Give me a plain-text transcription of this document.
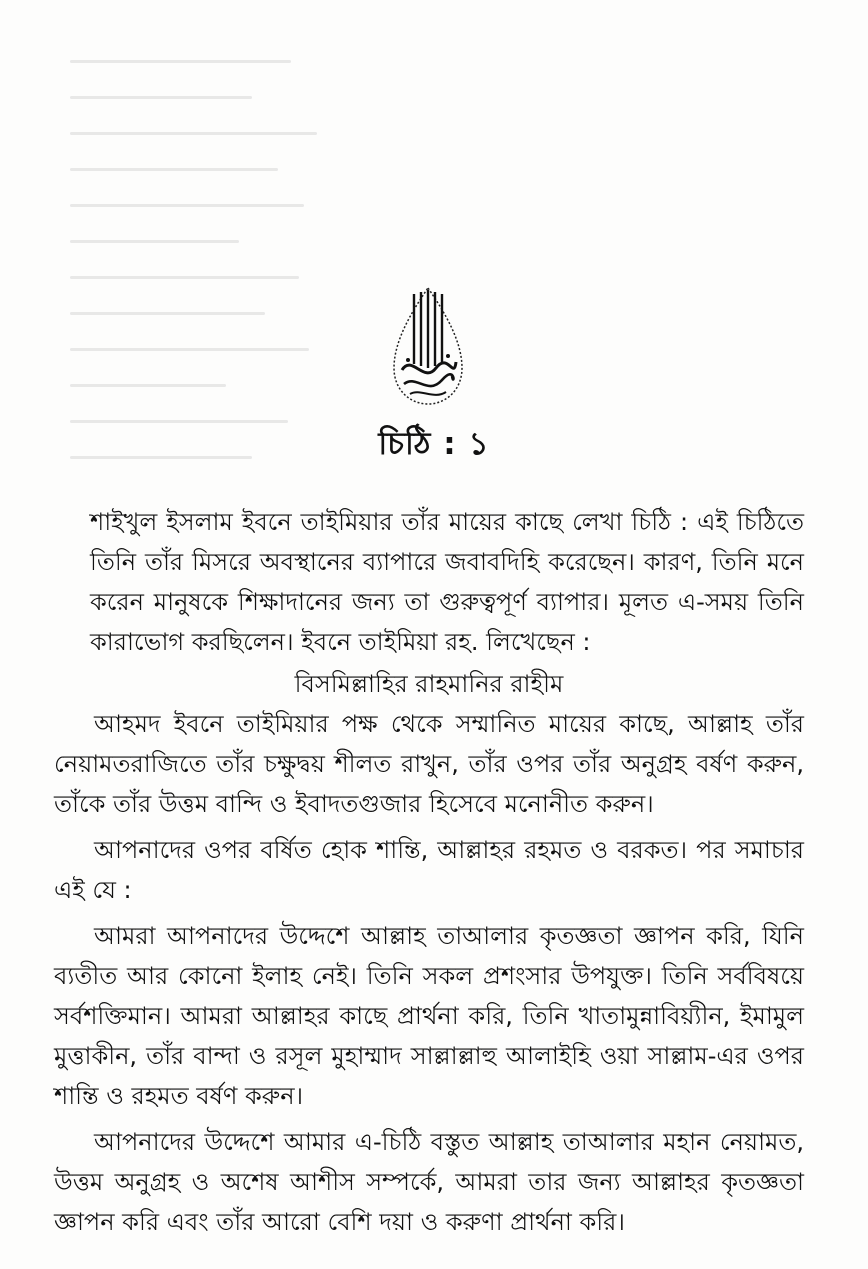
চিঠি : ১

শাইখুল ইসলাম ইবনে তাইমিয়ার তাঁর মায়ের কাছে লেখা চিঠি : এই চিঠিতে তিনি তাঁর মিসরে অবস্থানের ব্যাপারে জবাবদিহি করেছেন। কারণ, তিনি মনে করেন মানুষকে শিক্ষাদানের জন্য তা গুরুত্বপূর্ণ ব্যাপার। মূলত এ-সময় তিনি কারাভোগ করছিলেন। ইবনে তাইমিয়া রহ. লিখেছেন :

বিসমিল্লাহির রাহমানির রাহীম

আহমদ ইবনে তাইমিয়ার পক্ষ থেকে সম্মানিত মায়ের কাছে, আল্লাহ তাঁর নেয়ামতরাজিতে তাঁর চক্ষুদ্বয় শীলত রাখুন, তাঁর ওপর তাঁর অনুগ্রহ বর্ষণ করুন, তাঁকে তাঁর উত্তম বান্দি ও ইবাদতগুজার হিসেবে মনোনীত করুন।

আপনাদের ওপর বর্ষিত হোক শান্তি, আল্লাহর রহমত ও বরকত। পর সমাচার এই যে :

আমরা আপনাদের উদ্দেশে আল্লাহ তাআলার কৃতজ্ঞতা জ্ঞাপন করি, যিনি ব্যতীত আর কোনো ইলাহ নেই। তিনি সকল প্রশংসার উপযুক্ত। তিনি সর্ববিষয়ে সর্বশক্তিমান। আমরা আল্লাহর কাছে প্রার্থনা করি, তিনি খাতামুন্নাবিয়্যীন, ইমামুল মুত্তাকীন, তাঁর বান্দা ও রসূল মুহাম্মাদ সাল্লাল্লাহু আলাইহি ওয়া সাল্লাম-এর ওপর শান্তি ও রহমত বর্ষণ করুন।

আপনাদের উদ্দেশে আমার এ-চিঠি বস্তুত আল্লাহ তাআলার মহান নেয়ামত, উত্তম অনুগ্রহ ও অশেষ আশীস সম্পর্কে, আমরা তার জন্য আল্লাহর কৃতজ্ঞতা জ্ঞাপন করি এবং তাঁর আরো বেশি দয়া ও করুণা প্রার্থনা করি।
